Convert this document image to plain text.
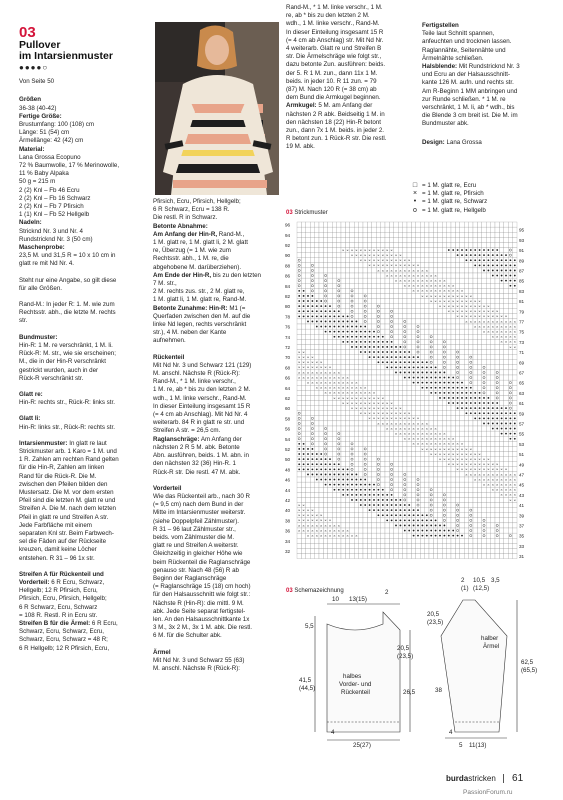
03
Pullover
im Intarsienmuster
●●●●○

Von Seite 50

Größen
36-38 (40-42)
Fertige Größe:
Brustumfang: 100 (108) cm
Länge: 51 (54) cm
Ärmellänge: 42 (42) cm
Material:
Lana Grossa Ecopuno
72 % Baumwolle, 17 % Merinowolle,
11 % Baby Alpaka
50 g = 215 m
2 (2) Knl – Fb 46 Ecru
2 (2) Knl – Fb 16 Schwarz
2 (2) Knl – Fb 7 Pfirsich
1 (1) Knl – Fb 52 Hellgelb
Nadeln:
Stricknd Nr. 3 und Nr. 4
Rundstricknd Nr. 3 (50 cm)
Maschenprobe:
23,5 M. und 31,5 R = 10 x 10 cm in
glatt re mit Nd Nr. 4.
Steht nur eine Angabe, so gilt diese
für alle Größen.
Rand-M.: In jeder R: 1. M. wie zum
Rechtsstr. abh., die letzte M. rechts
str.
Bundmuster:
Hin-R: 1 M. re verschränkt, 1 M. li.
Rück-R: M. str., wie sie erscheinen;
M., die in der Hin-R verschränkt
gestrickt wurden, auch in der
Rück-R verschränkt str.
Glatt re:
Hin-R: rechts str., Rück-R: links str.
Glatt li:
Hin-R: links str., Rück-R: rechts str.
Intarsienmuster: In glatt re laut
Strickmuster arb. 1 Karo = 1 M. und
1 R. Zahlen am rechten Rand gelten
für die Hin-R, Zahlen am linken
Rand für die Rück-R. Die M.
zwischen den Pfeilen bilden den
Mustersatz. Die M. vor dem ersten
Pfeil sind die letzten M. glatt re und
Streifen A. Die M. nach dem letzten
Pfeil in glatt re und Streifen A str.
Jede Farbfläche mit einem
separaten Knl str. Beim Farbwech-
sel die Fäden auf der Rückseite
kreuzen, damit keine Löcher
entstehen. R 31 – 96 1x str.
Streifen A für Rückenteil und
Vorderteil: 6 R Ecru, Schwarz,
Hellgelb; 12 R Pfirsich, Ecru,
Pfirsich, Ecru, Pfirsich, Hellgelb;
6 R Schwarz, Ecru, Schwarz
= 108 R. Restl. R in Ecru str.
Streifen B für die Ärmel: 6 R Ecru,
Schwarz, Ecru, Schwarz, Ecru,
Schwarz, Ecru, Schwarz = 48 R;
6 R Hellgelb; 12 R Pfirsich, Ecru,
Pfirsich, Ecru, Pfirsich, Hellgelb;
6 R Schwarz, Ecru = 138 R.
Die restl. R in Schwarz.
Betonte Abnahme:
Am Anfang der Hin-R, Rand-M.,
1 M. glatt re, 1 M. glatt li, 2 M. glatt
re, Überzug (= 1 M. wie zum
Rechtsstr. abh., 1 M. re, die
abgehobene M. darüberziehen).
Am Ende der Hin-R, bis zu den letzten
7 M. str.,
2 M. rechts zus. str., 2 M. glatt re,
1 M. glatt li, 1 M. glatt re, Rand-M.
Betonte Zunahme: Hin-R: M1 (=
Querfaden zwischen den M. auf die
linke Nd legen, rechts verschränkt
str.), 4 M. neben der Kante
aufnehmen.
Rückenteil
Mit Nd Nr. 3 und Schwarz 121 (129)
M. anschl. Nächste R (Rück-R):
Rand-M., * 1 M. linke verschr.,
1 M. re, ab * bis zu den letzten 2 M.
wdh., 1 M. linke verschr., Rand-M.
In dieser Einteilung insgesamt 15 R
(= 4 cm ab Anschlag). Mit Nd Nr. 4
weiterarb. 84 R in glatt re str. und
Streifen A str. = 26,5 cm.
Raglanschräge: Am Anfang der
nächsten 2 R 5 M. abk. Betonte
Abn. ausführen, beids. 1 M. abn. in
den nächsten 32 (36) Hin-R. 1
Rück-R str. Die restl. 47 M. abk.
Vorderteil
Wie das Rückenteil arb., nach 30 R
(= 9,5 cm) nach dem Bund in der
Mitte im Intarsienmuster weiterstr.
(siehe Doppelpfeil Zählmuster).
R 31 – 96 laut Zählmuster str.,
beids. vom Zählmuster die M.
glatt re und Streifen A weiterstr.
Gleichzeitig in gleicher Höhe wie
beim Rückenteil die Raglanschräge
genauso str. Nach 48 (56) R ab
Beginn der Raglanschräge
(= Raglanschräge 15 (18) cm hoch)
für den Halsausschnitt wie folgt str.:
Nächste R (Hin-R): die mittl. 9 M.
abk. Jede Seite separat fertigstel-
len. An den Halsausschnittkante 1x
3 M., 3x 2 M., 3x 1 M. abk. Die restl.
6 M. für die Schulter abk.
Ärmel
Mit Nd Nr. 3 und Schwarz 55 (63)
M. anschl. Nächste R (Rück-R):
Rand-M., * 1 M. linke verschr., 1 M.
re, ab * bis zu den letzten 2 M.
wdh., 1 M. linke verschr., Rand-M.
In dieser Einteilung insgesamt 15 R
(= 4 cm ab Anschlag) str. Mit Nd Nr.
4 weiterarb. Glatt re und Streifen B
str. Die Ärmelschräge wie folgt str.,
dazu betonte Zun. ausführen: beids.
der 5. R 1 M. zun., dann 11x 1 M.
beids. in jeder 10. R 11 zun. = 79
(87) M. Nach 120 R (= 38 cm) ab
dem Bund die Armkugel beginnen.
Armkugel: 5 M. am Anfang der
nächsten 2 R abk. Beidseitig 1 M. in
den nächsten 18 (22) Hin-R betont
zun., dann 7x 1 M. beids. in jeder 2.
R betont zun. 1 Rück-R str. Die restl.
19 M. abk.
Fertigstellen
Teile laut Schnitt spannen,
anfeuchten und trocknen lassen.
Raglannähte, Seitennähte und
Ärmelnähte schließen.
Halsblende: Mit Rundstricknd Nr. 3
und Ecru an der Halsausschnitt-
kante 126 M. aufn. und rechts str.
Am R-Beginn 1 MM anbringen und
zur Runde schließen. * 1 M. re
verschränkt, 1 M. li, ab * wdh., bis
die Blende 3 cm breit ist. Die M. im
Bundmuster abk.
Design: Lana Grossa
□ = 1 M. glatt re, Ecru
× = 1 M. glatt re, Pfirsich
• = 1 M. glatt re, Schwarz
o = 1 M. glatt re, Hellgelb
03 Strickmuster
× × × × × × × × × × × ×
× × × × × × × × × × × ×
× × × × × × × × × × × ×
× × × × × × × × × × × ×
× × × × × × × × × × × ×
× × × × × × × × × × × ×
× × × × × × × × × × × ×
× × × × × × × × × × × ×
× × × × × × × × × × × ×
× × × × × × × × × × × ×
× × × × × × × × × × × ×
× × × × × × × × × × × ×
× × × × × × × × × × × ×
× × × × × × × × × × × ×
× × × × × × × × × × × ×
× × × × × × × × × ×
× × × × × × × ×
× × × × × ×
× × × ×
× ×
× ×
× × × ×
× × × × × ×
× × × × × × × ×
× × × × × × × × × ×
× × × × × × × × × × × ×
× × × × × × × × × × × ×
× × × × × × × × × × × ×
× × × × × × × × × × × ×
× × × × × × × × × × × ×
× × × × × × × × × × × ×
× × × × × × × × × × × ×
× × × × × × × × × × × ×
× × × × × × × × × × × ×
× × × × × × × × × × × ×
× × × × × × × × × × × ×
× × × × × × × × × × × ×
× × × × × × × × × × × ×
× × × × × × × × × × × ×
× × × × × × × × × × × ×
× × × × × × × × × × × ×
× × × × × × × × × × × ×
× × × × × × × × × × × ×
× × × × × × × × × × × ×
× × × × × × × × × × × ×
× × × × × × × × × ×
× × × × × × × ×
× × × × × ×
× × × ×
× ×
× ×
× × × ×
× × × × × ×
× × × × × × × ×
× × × × × × × × × ×
× × × × × × × × × × × ×
× × × × × × × × × × × ×
96
94
92
90
88
86
84
82
80
78
76
74
72
70
68
66
64
62
60
58
56
54
52
50
48
46
44
42
40
38
36
34
32
95
93
91
89
87
85
83
81
79
77
75
73
71
69
67
65
63
61
59
57
55
53
51
49
47
45
43
41
39
37
35
33
31
03 Schemazeichnung
10 13(15)
2
5,5
20,5
(23,5)
41,5
(44,5)
halbes
Vorder- und
Rückenteil	26,5
4
25(27)
2 10,5 3,5
(1) (12,5)
20,5
(23,5)
halber
Ärmel
62,5
(65,5)
38
4
5 11(13)
burdastricken 61
PassionForum.ru
